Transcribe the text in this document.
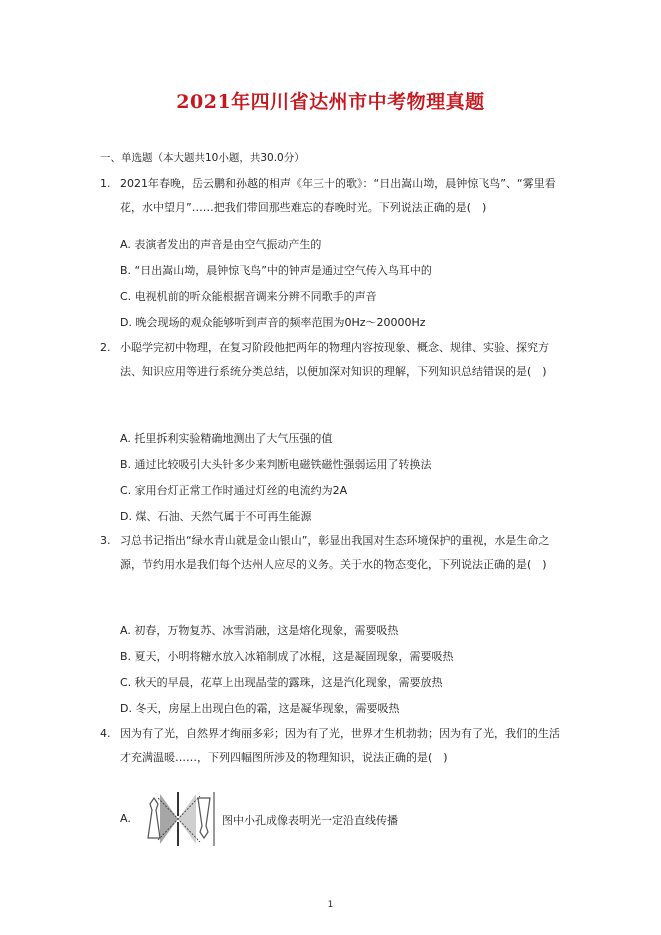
2021年四川省达州市中考物理真题
一、单选题（本大题共10小题，共30.0分）
1. 2021年春晚，岳云鹏和孙越的相声《年三十的歌》：“日出嵩山坳，晨钟惊飞鸟”、“雾里看花，水中望月”……把我们带回那些难忘的春晚时光。下列说法正确的是(　)
A. 表演者发出的声音是由空气振动产生的
B. “日出嵩山坳，晨钟惊飞鸟”中的钟声是通过空气传入鸟耳中的
C. 电视机前的听众能根据音调来分辨不同歌手的声音
D. 晚会现场的观众能够听到声音的频率范围为0Hz～20000Hz
2. 小聪学完初中物理，在复习阶段他把两年的物理内容按现象、概念、规律、实验、探究方法、知识应用等进行系统分类总结，以便加深对知识的理解，下列知识总结错误的是(　)
A. 托里拆利实验精确地测出了大气压强的值
B. 通过比较吸引大头针多少来判断电磁铁磁性强弱运用了转换法
C. 家用台灯正常工作时通过灯丝的电流约为2A
D. 煤、石油、天然气属于不可再生能源
3. 习总书记指出“绿水青山就是金山银山”，彰显出我国对生态环境保护的重视，水是生命之源，节约用水是我们每个达州人应尽的义务。关于水的物态变化，下列说法正确的是(　)
A. 初春，万物复苏、冰雪消融，这是熔化现象，需要吸热
B. 夏天，小明将糖水放入冰箱制成了冰棍，这是凝固现象，需要吸热
C. 秋天的早晨，花草上出现晶莹的露珠，这是汽化现象，需要放热
D. 冬天，房屋上出现白色的霜，这是凝华现象，需要吸热
4. 因为有了光，自然界才绚丽多彩；因为有了光，世界才生机勃勃；因为有了光，我们的生活才充满温暖……，下列四幅图所涉及的物理知识，说法正确的是(　)
A.	图中小孔成像表明光一定沿直线传播
1
